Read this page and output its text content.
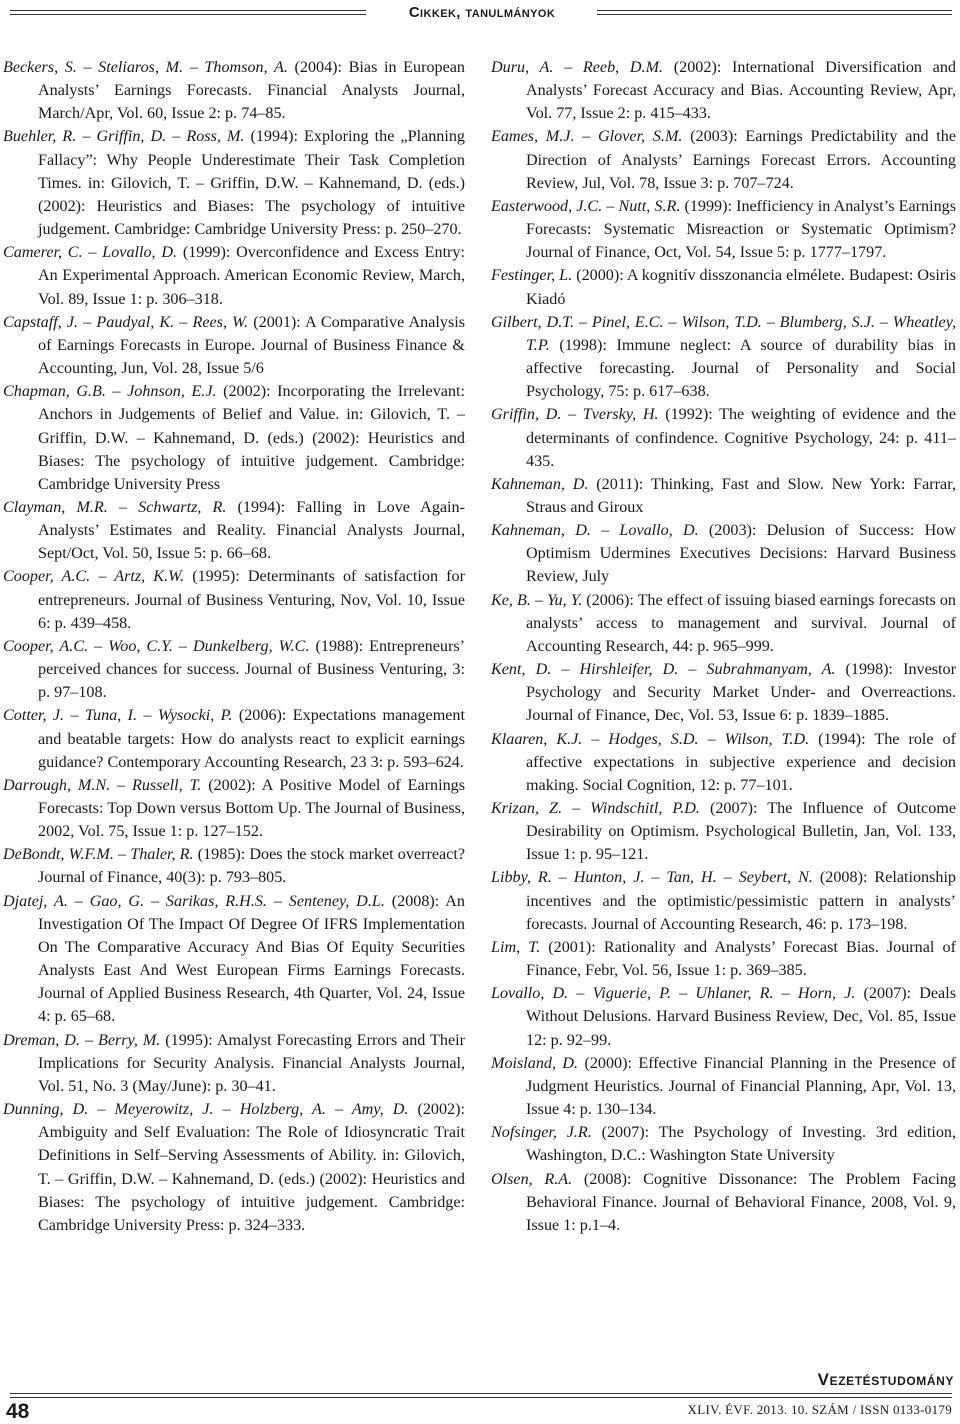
Cikkek, tanulmányok

Beckers, S. – Steliaros, M. – Thomson, A. (2004): Bias in European Analysts’ Earnings Forecasts. Financial Analysts Journal, March/Apr, Vol. 60, Issue 2: p. 74–85.

Buehler, R. – Griffin, D. – Ross, M. (1994): Exploring the „Planning Fallacy”: Why People Underestimate Their Task Completion Times. in: Gilovich, T. – Griffin, D.W. – Kahnemand, D. (eds.) (2002): Heuristics and Biases: The psychology of intuitive judgement. Cambridge: Cambridge University Press: p. 250–270.

Camerer, C. – Lovallo, D. (1999): Overconfidence and Excess Entry: An Experimental Approach. American Economic Review, March, Vol. 89, Issue 1: p. 306–318.

Capstaff, J. – Paudyal, K. – Rees, W. (2001): A Comparative Analysis of Earnings Forecasts in Europe. Journal of Business Finance & Accounting, Jun, Vol. 28, Issue 5/6

Chapman, G.B. – Johnson, E.J. (2002): Incorporating the Irrelevant: Anchors in Judgements of Belief and Value. in: Gilovich, T. – Griffin, D.W. – Kahnemand, D. (eds.) (2002): Heuristics and Biases: The psychology of intuitive judgement. Cambridge: Cambridge University Press

Clayman, M.R. – Schwartz, R. (1994): Falling in Love Again- Analysts’ Estimates and Reality. Financial Analysts Journal, Sept/Oct, Vol. 50, Issue 5: p. 66–68.

Cooper, A.C. – Artz, K.W. (1995): Determinants of satisfaction for entrepreneurs. Journal of Business Venturing, Nov, Vol. 10, Issue 6: p. 439–458.

Cooper, A.C. – Woo, C.Y. – Dunkelberg, W.C. (1988): Entrepreneurs’ perceived chances for success. Journal of Business Venturing, 3: p. 97–108.

Cotter, J. – Tuna, I. – Wysocki, P. (2006): Expectations management and beatable targets: How do analysts react to explicit earnings guidance? Contemporary Accounting Research, 23 3: p. 593–624.

Darrough, M.N. – Russell, T. (2002): A Positive Model of Earnings Forecasts: Top Down versus Bottom Up. The Journal of Business, 2002, Vol. 75, Issue 1: p. 127–152.

DeBondt, W.F.M. – Thaler, R. (1985): Does the stock market overreact? Journal of Finance, 40(3): p. 793–805.

Djatej, A. – Gao, G. – Sarikas, R.H.S. – Senteney, D.L. (2008): An Investigation Of The Impact Of Degree Of IFRS Implementation On The Comparative Accuracy And Bias Of Equity Securities Analysts East And West European Firms Earnings Forecasts. Journal of Applied Business Research, 4th Quarter, Vol. 24, Issue 4: p. 65–68.

Dreman, D. – Berry, M. (1995): Amalyst Forecasting Errors and Their Implications for Security Analysis. Financial Analysts Journal, Vol. 51, No. 3 (May/June): p. 30–41.

Dunning, D. – Meyerowitz, J. – Holzberg, A. – Amy, D. (2002): Ambiguity and Self Evaluation: The Role of Idiosyncratic Trait Definitions in Self–Serving Assessments of Ability. in: Gilovich, T. – Griffin, D.W. – Kahnemand, D. (eds.) (2002): Heuristics and Biases: The psychology of intuitive judgement. Cambridge: Cambridge University Press: p. 324–333.

Duru, A. – Reeb, D.M. (2002): International Diversification and Analysts’ Forecast Accuracy and Bias. Accounting Review, Apr, Vol. 77, Issue 2: p. 415–433.

Eames, M.J. – Glover, S.M. (2003): Earnings Predictability and the Direction of Analysts’ Earnings Forecast Errors. Accounting Review, Jul, Vol. 78, Issue 3: p. 707–724.

Easterwood, J.C. – Nutt, S.R. (1999): Inefficiency in Analyst’s Earnings Forecasts: Systematic Misreaction or Systematic Optimism? Journal of Finance, Oct, Vol. 54, Issue 5: p. 1777–1797.

Festinger, L. (2000): A kognitív disszonancia elmélete. Budapest: Osiris Kiadó

Gilbert, D.T. – Pinel, E.C. – Wilson, T.D. – Blumberg, S.J. – Wheatley, T.P. (1998): Immune neglect: A source of durability bias in affective forecasting. Journal of Personality and Social Psychology, 75: p. 617–638.

Griffin, D. – Tversky, H. (1992): The weighting of evidence and the determinants of confindence. Cognitive Psychology, 24: p. 411–435.

Kahneman, D. (2011): Thinking, Fast and Slow. New York: Farrar, Straus and Giroux

Kahneman, D. – Lovallo, D. (2003): Delusion of Success: How Optimism Udermines Executives Decisions: Harvard Business Review, July

Ke, B. – Yu, Y. (2006): The effect of issuing biased earnings forecasts on analysts’ access to management and survival. Journal of Accounting Research, 44: p. 965–999.

Kent, D. – Hirshleifer, D. – Subrahmanyam, A. (1998): Investor Psychology and Security Market Under- and Overreactions. Journal of Finance, Dec, Vol. 53, Issue 6: p. 1839–1885.

Klaaren, K.J. – Hodges, S.D. – Wilson, T.D. (1994): The role of affective expectations in subjective experience and decision making. Social Cognition, 12: p. 77–101.

Krizan, Z. – Windschitl, P.D. (2007): The Influence of Outcome Desirability on Optimism. Psychological Bulletin, Jan, Vol. 133, Issue 1: p. 95–121.

Libby, R. – Hunton, J. – Tan, H. – Seybert, N. (2008): Relationship incentives and the optimistic/pessimistic pattern in analysts’ forecasts. Journal of Accounting Research, 46: p. 173–198.

Lim, T. (2001): Rationality and Analysts’ Forecast Bias. Journal of Finance, Febr, Vol. 56, Issue 1: p. 369–385.

Lovallo, D. – Viguerie, P. – Uhlaner, R. – Horn, J. (2007): Deals Without Delusions. Harvard Business Review, Dec, Vol. 85, Issue 12: p. 92–99.

Moisland, D. (2000): Effective Financial Planning in the Presence of Judgment Heuristics. Journal of Financial Planning, Apr, Vol. 13, Issue 4: p. 130–134.

Nofsinger, J.R. (2007): The Psychology of Investing. 3rd edition, Washington, D.C.: Washington State University

Olsen, R.A. (2008): Cognitive Dissonance: The Problem Facing Behavioral Finance. Journal of Behavioral Finance, 2008, Vol. 9, Issue 1: p.1–4.

Vezetéstudomány
48	XLIV. ÉVF. 2013. 10. SZÁM / ISSN 0133-0179
